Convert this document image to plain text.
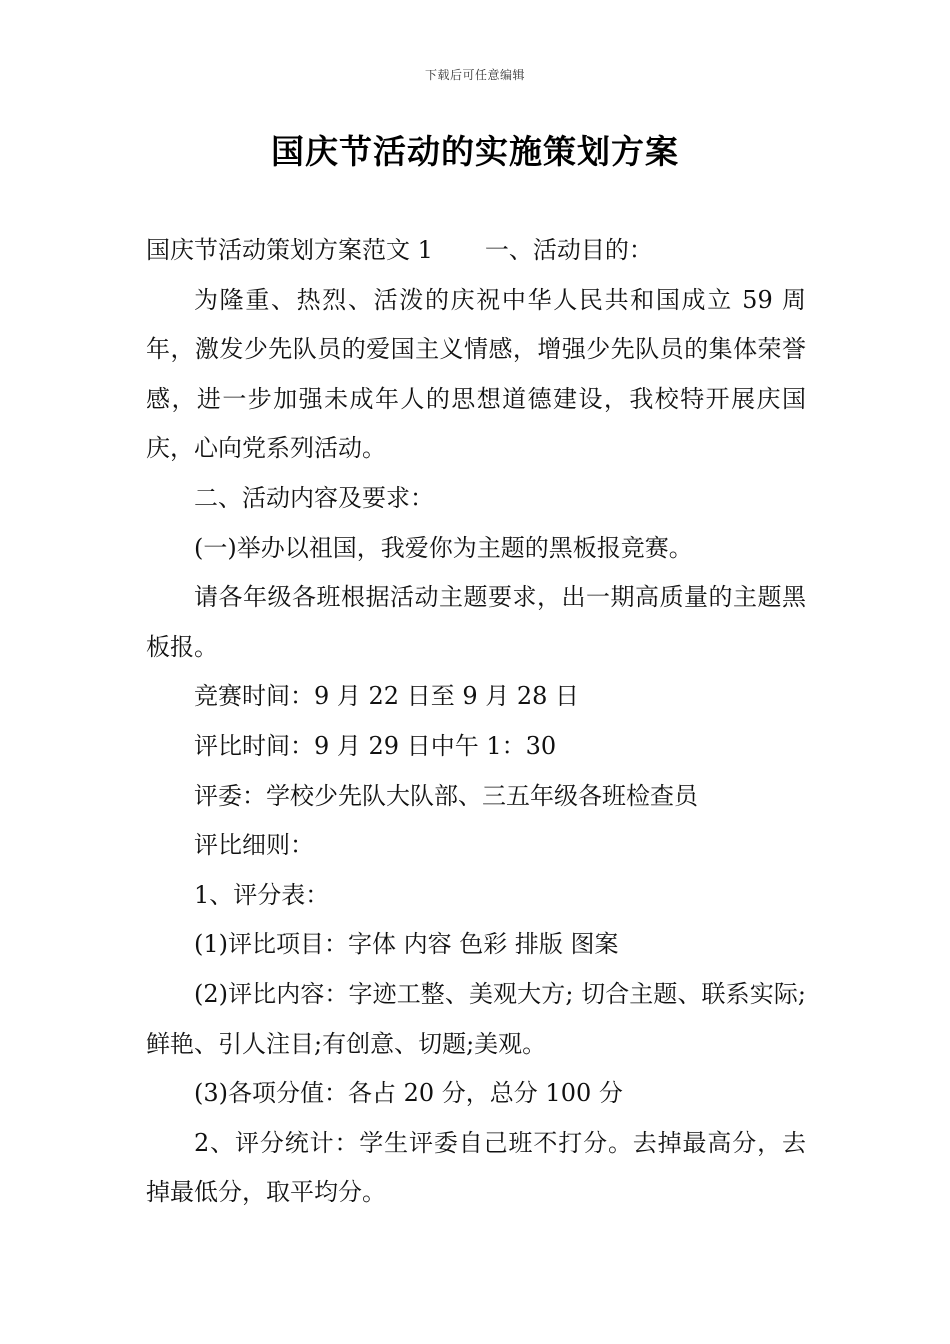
下载后可任意编辑
国庆节活动的实施策划方案

国庆节活动策划方案范文 1 一、活动目的：

为隆重、热烈、活泼的庆祝中华人民共和国成立 59 周年，激发少先队员的爱国主义情感，增强少先队员的集体荣誉感，进一步加强未成年人的思想道德建设，我校特开展庆国庆，心向党系列活动。

二、活动内容及要求：

(一)举办以祖国，我爱你为主题的黑板报竞赛。

请各年级各班根据活动主题要求，出一期高质量的主题黑板报。

竞赛时间：9 月 22 日至 9 月 28 日

评比时间：9 月 29 日中午 1：30

评委：学校少先队大队部、三五年级各班检查员

评比细则：

1、评分表：

(1)评比项目：字体 内容 色彩 排版 图案

(2)评比内容：字迹工整、美观大方; 切合主题、联系实际; 鲜艳、引人注目;有创意、切题;美观。

(3)各项分值：各占 20 分，总分 100 分

2、评分统计：学生评委自己班不打分。去掉最高分，去掉最低分，取平均分。
